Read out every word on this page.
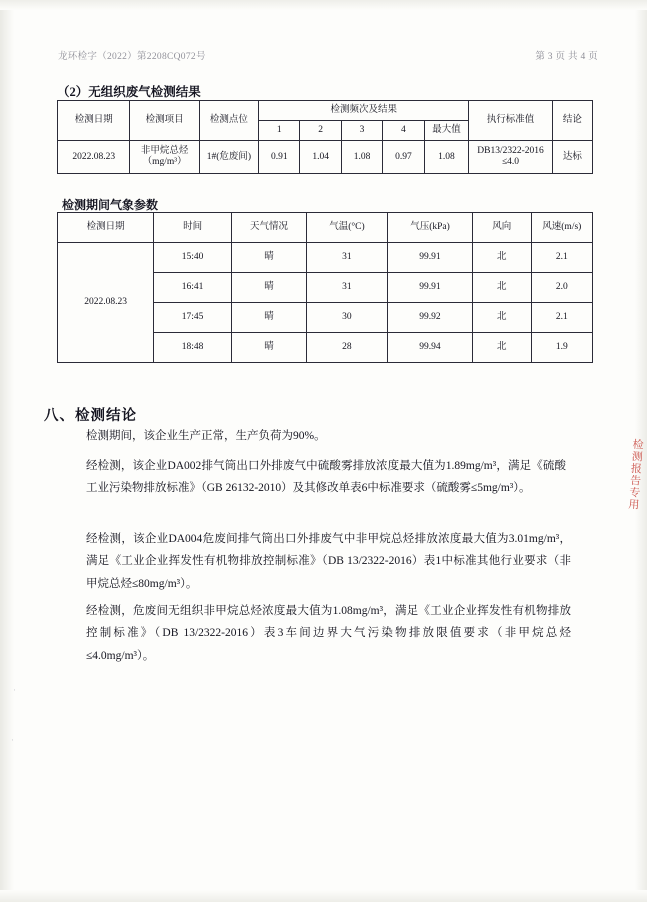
龙环检字（2022）第2208CQ072号	第 3 页 共 4 页
（2）无组织废气检测结果
检测日期	检测项目	检测点位	检测频次及结果					执行标准值	结论
			1	2	3	4	最大值		
2022.08.23	非甲烷总烃（mg/m³）	1#(危废间)	0.91	1.04	1.08	0.97	1.08	DB13/2322-2016 ≤4.0	达标
检测期间气象参数
检测日期	时间	天气情况	气温(°C)	气压(kPa)	风向	风速(m/s)
2022.08.23	15:40	晴	31	99.91	北	2.1
	16:41	晴	31	99.91	北	2.0
	17:45	晴	30	99.92	北	2.1
	18:48	晴	28	99.94	北	1.9
八、检测结论
检测期间，该企业生产正常，生产负荷为90%。
经检测，该企业DA002排气筒出口外排废气中硫酸雾排放浓度最大值为1.89mg/m³，满足《硫酸工业污染物排放标准》（GB 26132-2010）及其修改单表6中标准要求（硫酸雾≤5mg/m³）。
经检测，该企业DA004危废间排气筒出口外排废气中非甲烷总烃排放浓度最大值为3.01mg/m³，满足《工业企业挥发性有机物排放控制标准》（DB 13/2322-2016）表1中标准其他行业要求（非甲烷总烃≤80mg/m³）。
经检测，危废间无组织非甲烷总烃浓度最大值为1.08mg/m³，满足《工业企业挥发性有机物排放控制标准》（DB 13/2322-2016）表3车间边界大气污染物排放限值要求（非甲烷总烃≤4.0mg/m³）。
检测报告专用
·
·
